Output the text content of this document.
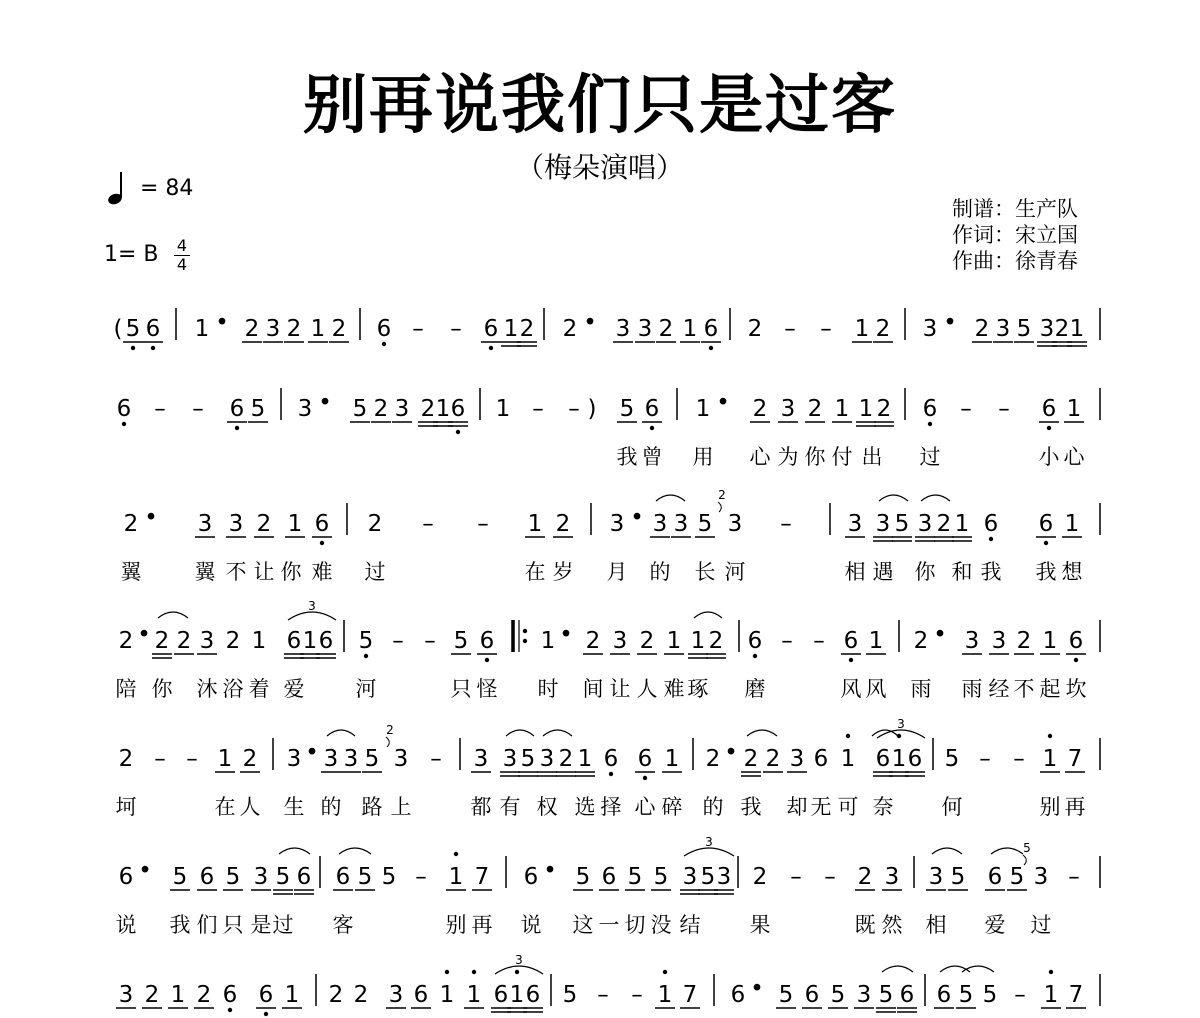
别再说我们只是过客
（梅朵演唱）
= 84
1= B 4
4
制谱：生产队
作词：宋立国
作曲：徐青春
( 5 6 1 • 2 3 2 1 2 6 – – 6 1 2 2 • 3 3 2 1 6 2 – – 1 2 3 • 2 3 5 3 2 1
6 – – 6 5 3 • 5 2 3 2 1 6 1 – – ) 5 6 1 • 2 3 2 1 1 2 6 – – 6 1
我 曾 用 心 为 你 付 出 过	小 心
2 • 3 3 2 1 6 2 – – 1 2 3 • 3 3 5 3 – 3 3 5 3 2 1 6 6 1
翼	翼 不 让 你 难 过	在 岁 月 的 长 河	相 遇 你 和 我 我 想
2 • 2 2 3 2 1 6 1 6 5 – – 5 6 1 • 2 3 2 1 1 2 6 – – 6 1 2 • 3 3 2 1 6
陪 你 沐 浴 着 爱 河	只 怪 时 间 让 人 难 琢 磨	风 风 雨 雨 经 不 起 坎
2 – – 1 2 3 • 3 3 5 3 – 3 3 5 3 2 1 6 6 1 2 • 2 2 3 6 1 6 1 6 5 – – 1 7
坷	在 人 生 的 路 上	都 有 权 选 择 心 碎 的 我 却 无 可 奈 何	别 再
6 • 5 6 5 3 5 6 6 5 5 – 1 7 6 • 5 6 5 5 3 5 3 2 – – 2 3 3 5 6 5 3 –
说 我 们 只 是 过 客	别 再 说 这 一 切 没 结 果	既 然 相 爱 过
3 2 1 2 6 6 1 2 2 3 6 1 1 6 1 6 5 – – 1 7 6 • 5 6 5 3 5 6 6 5 5 – 1 7
3
3
3
3
2
2
5
